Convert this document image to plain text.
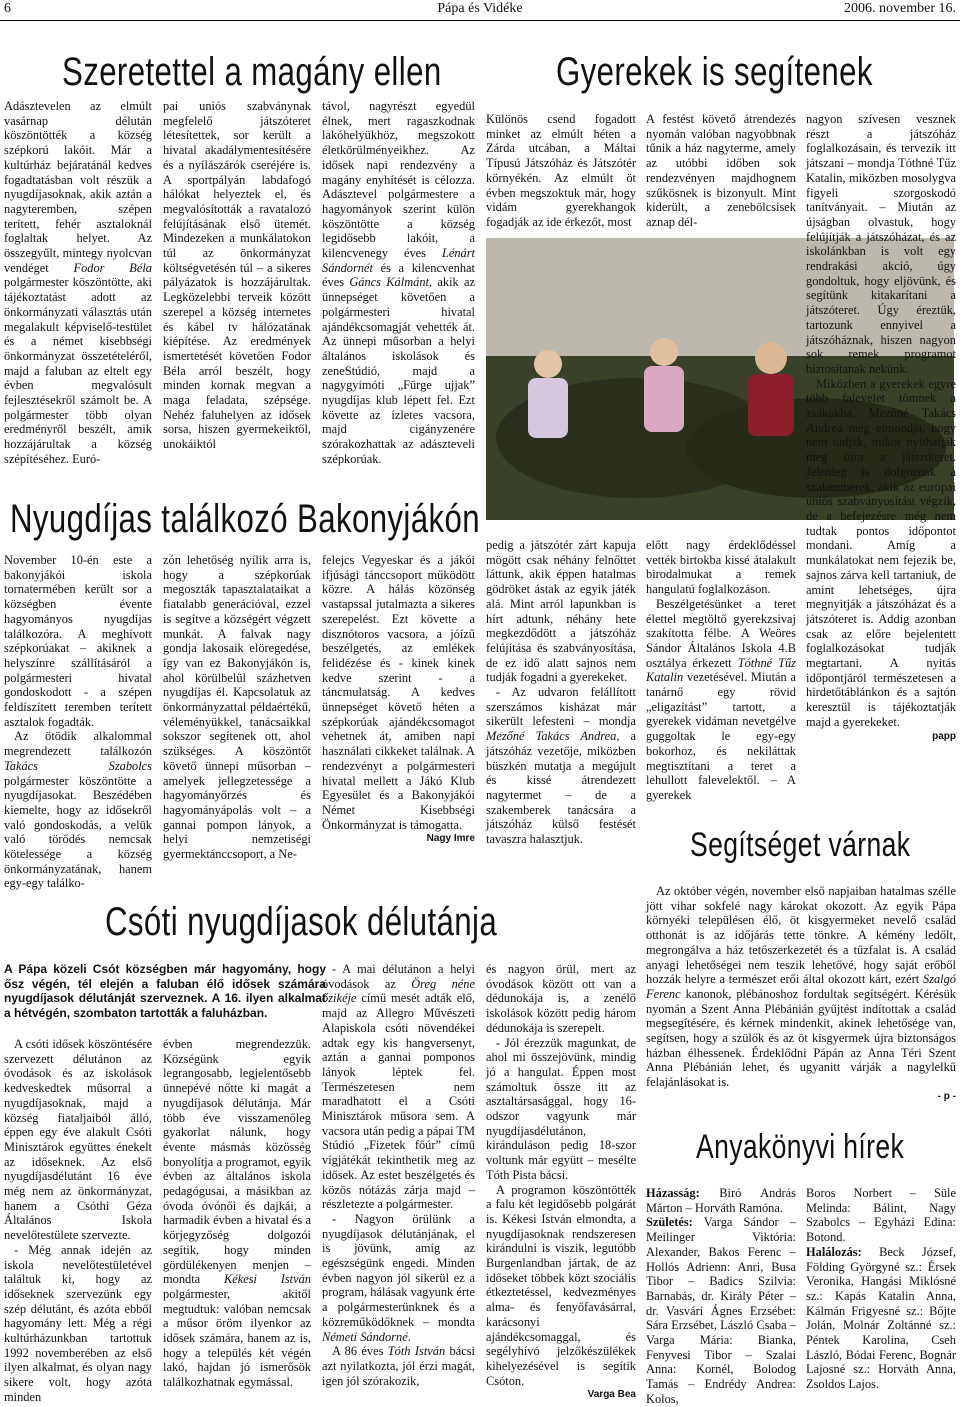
Pápa és Vidéke
6	2006. november 16.
Szeretettel a magány ellen

Adásztevelen az elmúlt vasárnap délután köszöntötték a község szépkorú lakóit. Már a kultúrház bejáratánál kedves fogadtatásban volt részük a nyugdíjasoknak, akik aztán a nagyteremben, szépen terített, fehér asztaloknál foglaltak helyet. Az összegyűlt, mintegy nyolcvan vendéget Fodor Béla polgármester köszöntötte, aki tájékoztatást adott az önkormányzati választás után megalakult képviselő-testület és a német kisebbségi önkormányzat összetételéről, majd a faluban az eltelt egy évben megvalósult fejlesztésekről számolt be. A polgármester több olyan eredményről beszélt, amik hozzájárultak a község szépítéséhez. Euró-

pai uniós szabványnak megfelelő játszóteret létesítettek, sor került a hivatal akadálymentesítésére és a nyílászárók cseréjére is. A sportpályán labdafogó hálókat helyeztek el, és megvalósították a ravatalozó felújításának első ütemét. Mindezeken a munkálatokon túl az önkormányzat költségvetésén túl – a sikeres pályázatok is hozzájárultak. Legközelebbi terveik között szerepel a község internetes és kábel tv hálózatának kiépítése. Az eredmények ismertetését követően Fodor Béla arról beszélt, hogy minden kornak megvan a maga feladata, szépsége. Nehéz faluhelyen az idősek sorsa, hiszen gyermekeiktől, unokáiktól

távol, nagyrészt egyedül élnek, mert ragaszkodnak lakóhelyükhöz, megszokott életkörülményeikhez. Az idősek napi rendezvény a magány enyhítését is célozza. Adásztevel polgármestere a hagyományok szerint külön köszöntötte a község legidősebb lakóit, a kilencvenegy éves Lénárt Sándornét és a kilencvenhat éves Gáncs Kálmánt, akik az ünnepséget követően a polgármesteri hivatal ajándékcsomagját vehették át. Az ünnepi műsorban a helyi általános iskolások és zeneStúdió, majd a nagygyimóti „Fürge ujjak” nyugdíjas klub lépett fel. Ezt követte az ízletes vacsora, majd cigányzenére szórakozhattak az adászteveli szépkorúak.

Gyerekek is segítenek

Különös csend fogadott minket az elmúlt héten a Zárda utcában, a Máltai Típusú Játszóház és Játszótér környékén. Az elmúlt öt évben megszoktuk már, hogy vidám gyerekhangok fogadják az ide érkezőt, most

A festést követő átrendezés nyomán valóban nagyobbnak tűnik a ház nagyterme, amely az utóbbi időben sok rendezvényen majdhognem szűkösnek is bizonyult. Mint kiderült, a zenebölcsisek aznap dél-

nagyon szívesen vesznek részt a játszóház foglalkozásain, és tervezik itt játszani – mondja Tóthné Tűz Katalin, miközben mosolygva figyeli szorgoskodó tanítványait. – Miután az újságban olvastuk, hogy felújítják a játszóházat, és az iskolánkban is volt egy rendrakási akció, úgy gondoltuk, hogy eljövünk, és segítünk kitakarítani a játszóteret. Úgy éreztük, tartozunk ennyivel a játszóháznak, hiszen nagyon sok remek programot biztosítanak nekünk.

Miközben a gyerekek egyre több falevelet tömnek a zsákokba, Mezőné Takács Andrea még elmondja, hogy nem tudják, mikor nyithatják meg újra a játszóteret. Jelenleg is dolgoznak a szakemberek, akik az európai uniós szabványosítást végzik, de a befejezésre még nem tudtak pontos időpontot mondani. Amíg a munkálatokat nem fejezik be, sajnos zárva kell tartaniuk, de amint lehetséges, újra megnyitják a játszóházat és a játszóteret is. Addig azonban csak az előre bejelentett foglalkozásokat tudják megtartani. A nyitás időpontjáról természetesen a hirdetőtáblánkon és a sajtón keresztül is tájékoztatják majd a gyerekeket.

papp

pedig a játszótér zárt kapuja mögött csak néhány felnőttet láttunk, akik éppen hatalmas gödröket ástak az egyik játék alá. Mint arról lapunkban is hírt adtunk, néhány hete megkezdődött a játszóház felújítása és szabványosítása, de ez idő alatt sajnos nem tudják fogadni a gyerekeket.

- Az udvaron felállított szerszámos kisházat már sikerült lefesteni – mondja Mezőné Takács Andrea, a játszóház vezetője, miközben büszkén mutatja a megújult és kissé átrendezett nagytermet – de a szakemberek tanácsára a játszóház külső festését tavaszra halasztjuk.

előtt nagy érdeklődéssel vették birtokba kissé átalakult birodalmukat a remek hangulatú foglalkozáson.

Beszélgetésünket a teret élettel megtöltő gyerekzsivaj szakította félbe. A Weöres Sándor Általános Iskola 4.B osztálya érkezett Tóthné Tűz Katalin vezetésével. Miután a tanárnő egy rövid „eligazítást” tartott, a gyerekek vidáman nevetgélve guggoltak le egy-egy bokorhoz, és nekiláttak megtisztítani a teret a lehullott falevelektől. – A gyerekek

Nyugdíjas találkozó Bakonyjákón

November 10-én este a bakonyjákói iskola tornatermében került sor a községben évente hagyományos nyugdíjas találkozóra. A meghívott szépkorúakat – akiknek a helyszínre szállításáról a polgármesteri hivatal gondoskodott - a szépen feldíszített teremben terített asztalok fogadták.

Az ötödik alkalommal megrendezett találkozón Takács Szabolcs polgármester köszöntötte a nyugdíjasokat. Beszédében kiemelte, hogy az idősekről való gondoskodás, a velük való törődés nemcsak kötelessége a község önkormányzatának, hanem egy-egy találko-

zón lehetőség nyílik arra is, hogy a szépkorúak megoszták tapasztalataikat a fiatalabb generációval, ezzel is segítve a községért végzett munkát. A falvak nagy gondja lakosaik elöregedése, így van ez Bakonyjákón is, ahol körülbelül százhetven nyugdíjas él. Kapcsolatuk az önkormányzattal példaértékű, véleményükkel, tanácsaikkal sokszor segítenek ott, ahol szükséges. A köszöntőt követő ünnepi műsorban – amelyek jellegzetessége a hagyományőrzés és hagyományápolás volt – a gannai pompon lányok, a helyi nemzetiségi gyermektánccsoport, a Ne-

felejcs Vegyeskar és a jákói ifjúsági tánccsoport működött közre. A hálás közönség vastapssal jutalmazta a sikeres szerepelést. Ezt követte a disznótoros vacsora, a jóízű beszélgetés, az emlékek felidézése és - kinek kinek kedve szerint - a táncmulatság. A kedves ünnepséget követő héten a szépkorúak ajándékcsomagot vehetnek át, amiben napi használati cikkeket találnak. A rendezvényt a polgármesteri hivatal mellett a Jákó Klub Egyesület és a Bakonyjákói Német Kisebbségi Önkormányzat is támogatta.

Nagy Imre

Csóti nyugdíjasok délutánja
A Pápa közeli Csót községben már hagyomány, hogy ősz végén, tél elején a faluban élő idősek számára nyugdíjasok délutánját szerveznek. A 16. ilyen alkalmat a hétvégén, szombaton tartották a faluházban.

A csóti idősek köszöntésére szervezett délutánon az óvodások és az iskolások kedveskedtek műsorral a nyugdíjasoknak, majd a község fiataljaiból álló, éppen egy éve alakult Csóti Minisztárok együttes énekelt az időseknek. Az első nyugdíjasdélutánt 16 éve még nem az önkormányzat, hanem a Csóthi Géza Általános Iskola nevelőtestülete szervezte.

- Még annak idején az iskola nevelőtestületével találtuk ki, hogy az időseknek szervezünk egy szép délutánt, és azóta ebből hagyomány lett. Még a régi kultúrházunkban tartottuk 1992 novemberében az első ilyen alkalmat, és olyan nagy sikere volt, hogy azóta minden

évben megrendezzük. Községünk egyik legrangosabb, legjelentősebb ünnepévé nőtte ki magát a nyugdíjasok délutánja. Már több éve visszamenőleg gyakorlat nálunk, hogy évente másmás közösség bonyolítja a programot, egyik évben az általános iskola pedagógusai, a másikban az óvoda óvónői és dajkái, a harmadik évben a hivatal és a körjegyzőség dolgozói segítik, hogy minden gördülékenyen menjen – mondta Kékesi István polgármester, akitől megtudtuk: valóban nemcsak a műsor öröm ilyenkor az idősek számára, hanem az is, hogy a település két végén lakó, hajdan jó ismerősök találkozhatnak egymással.

- A mai délutánon a helyi óvodások az Öreg néne őzikéje című mesét adták elő, majd az Allegro Művészeti Alapiskola csóti növendékei adtak egy kis hangversenyt, aztán a gannai pomponos lányok léptek fel. Természetesen nem maradhatott el a Csóti Minisztárok műsora sem. A vacsora után pedig a pápai TM Stúdió „Fizetek főúr” című vígjátékát tekinthetik meg az idősek. Az estet beszélgetés és közös nótázás zárja majd – részletezte a polgármester.

- Nagyon örülünk a nyugdíjasok délutánjának, el is jövünk, amíg az egészségünk engedi. Minden évben nagyon jól sikerül ez a program, hálásak vagyunk érte a polgármesterünknek és a közreműködőknek – mondta Németi Sándorné.

A 86 éves Tóth István bácsi azt nyilatkozta, jól érzi magát, igen jól szórakozik,

és nagyon örül, mert az óvodások között ott van a dédunokája is, a zenélő iskolások között pedig három dédunokája is szerepelt.

- Jól érezzük magunkat, de ahol mi összejövünk, mindig jó a hangulat. Éppen most számoltuk össze itt az asztaltársasággal, hogy 16-odszor vagyunk már nyugdíjasdélutánon, kiránduláson pedig 18-szor voltunk már együtt – mesélte Tóth Pista bácsi.

A programon köszöntötték a falu két legidősebb polgárát is. Kékesi István elmondta, a nyugdíjasoknak rendszeresen kirándulni is viszik, legutóbb Burgenlandban jártak, de az időseket többek közt szociális étkeztetéssel, kedvezményes alma- és fenyőfavásárral, karácsonyi ajándékcsomaggal, és segélyhívó jelzőkészülékek kihelyezésével is segítik Csóton.

Varga Bea

Segítséget várnak

Az október végén, november első napjaiban hatalmas szélle jött vihar sokfelé nagy károkat okozott. Az egyik Pápa környéki településen élő, öt kisgyermeket nevelő család otthonát is az időjárás tette tönkre. A kémény ledőlt, megrongálva a ház tetőszerkezetét és a tűzfalat is. A család anyagi lehetőségei nem teszik lehetővé, hogy saját erőből hozzák helyre a természet erői által okozott kárt, ezért Szalgó Ferenc kanonok, plébánoshoz fordultak segítségért. Kérésük nyomán a Szent Anna Plébánián gyűjtést indítottak a család megsegítésére, és kérnek mindenkit, akinek lehetősége van, segítsen, hogy a szülők és az öt kisgyermek újra biztonságos házban élhessenek. Érdeklődni Pápán az Anna Téri Szent Anna Plébánián lehet, és ugyanitt várják a nagylelkű felajánlásokat is.

- p -

Anyakönyvi hírek

Házasság: Biró András Márton – Horváth Ramóna.

Születés: Varga Sándor – Meilinger Viktória: Alexander, Bakos Ferenc – Hollós Adrienn: Anri, Busa Tibor – Badics Szilvia: Barnabás, dr. Király Péter – dr. Vasvári Ágnes Erzsébet: Sára Erzsébet, László Csaba – Varga Mária: Bianka, Fenyvesi Tibor – Szalai Anna: Kornél, Bolodog Tamás – Endrédy Andrea: Kolos,

Boros Norbert – Süle Melinda: Bálint, Nagy Szabolcs – Egyházi Edina: Botond.

Halálozás: Beck József, Földing Györgyné sz.: Érsek Veronika, Hangási Miklósné sz.: Kapás Katalin Anna, Kálmán Frigyesné sz.: Bőjte Jolán, Molnár Zoltánné sz.: Péntek Karolina, Cseh László, Bódai Ferenc, Bognár Lajosné sz.: Horváth Anna, Zsoldos Lajos.
